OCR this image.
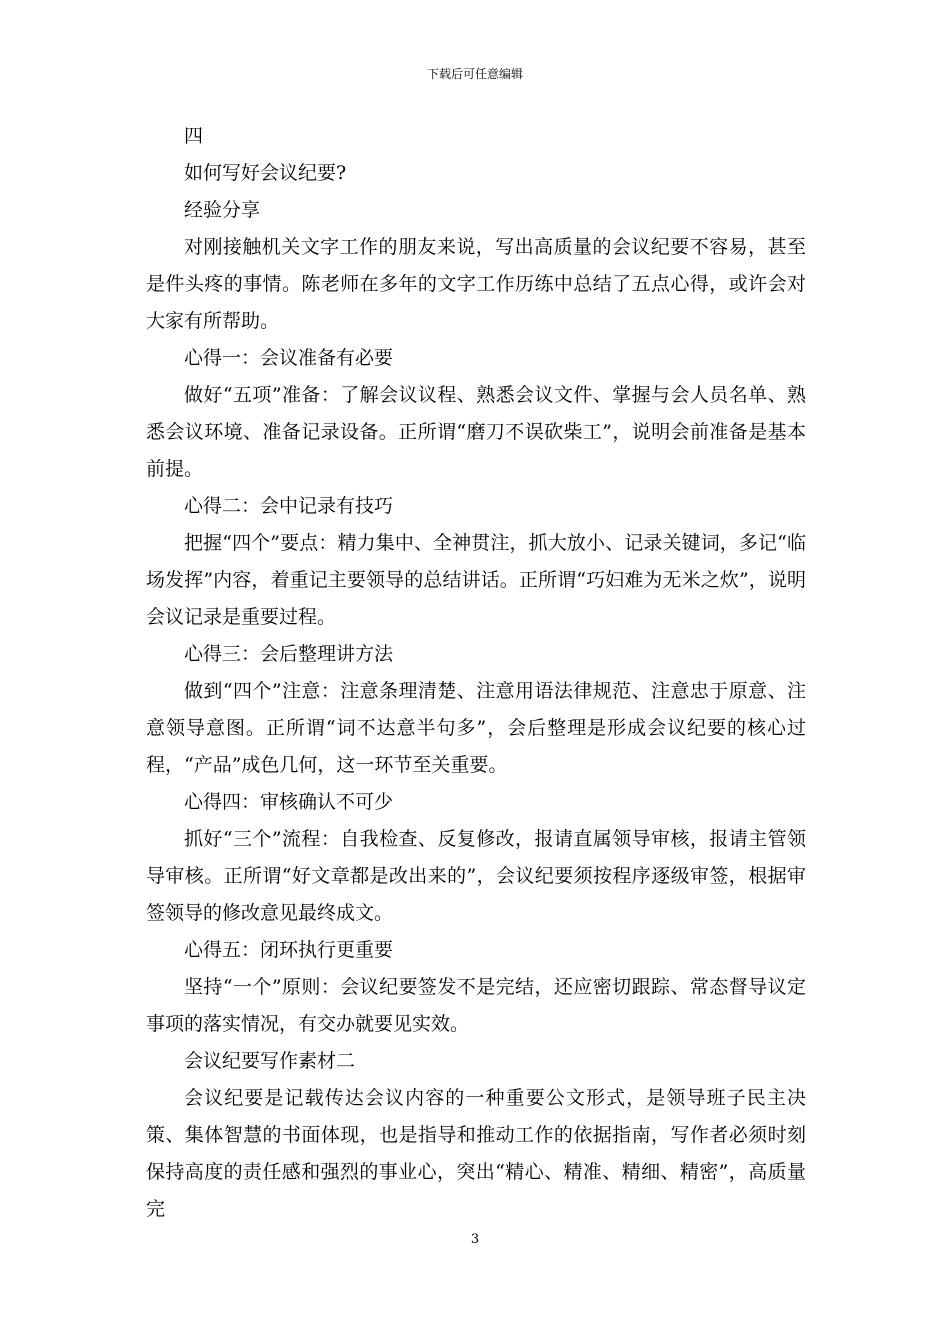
下载后可任意编辑

四

如何写好会议纪要?

经验分享

对刚接触机关文字工作的朋友来说，写出高质量的会议纪要不容易，甚至是件头疼的事情。陈老师在多年的文字工作历练中总结了五点心得，或许会对大家有所帮助。

心得一：会议准备有必要

做好“五项”准备：了解会议议程、熟悉会议文件、掌握与会人员名单、熟悉会议环境、准备记录设备。正所谓“磨刀不误砍柴工”，说明会前准备是基本前提。

心得二：会中记录有技巧

把握“四个”要点：精力集中、全神贯注，抓大放小、记录关键词，多记“临场发挥”内容，着重记主要领导的总结讲话。正所谓“巧妇难为无米之炊”，说明会议记录是重要过程。

心得三：会后整理讲方法

做到“四个”注意：注意条理清楚、注意用语法律规范、注意忠于原意、注意领导意图。正所谓“词不达意半句多”，会后整理是形成会议纪要的核心过程，“产品”成色几何，这一环节至关重要。

心得四：审核确认不可少

抓好“三个”流程：自我检查、反复修改，报请直属领导审核，报请主管领导审核。正所谓“好文章都是改出来的”，会议纪要须按程序逐级审签，根据审签领导的修改意见最终成文。

心得五：闭环执行更重要

坚持“一个”原则：会议纪要签发不是完结，还应密切跟踪、常态督导议定事项的落实情况，有交办就要见实效。

会议纪要写作素材二

会议纪要是记载传达会议内容的一种重要公文形式，是领导班子民主决策、集体智慧的书面体现，也是指导和推动工作的依据指南，写作者必须时刻保持高度的责任感和强烈的事业心，突出“精心、精准、精细、精密”，高质量完

3
